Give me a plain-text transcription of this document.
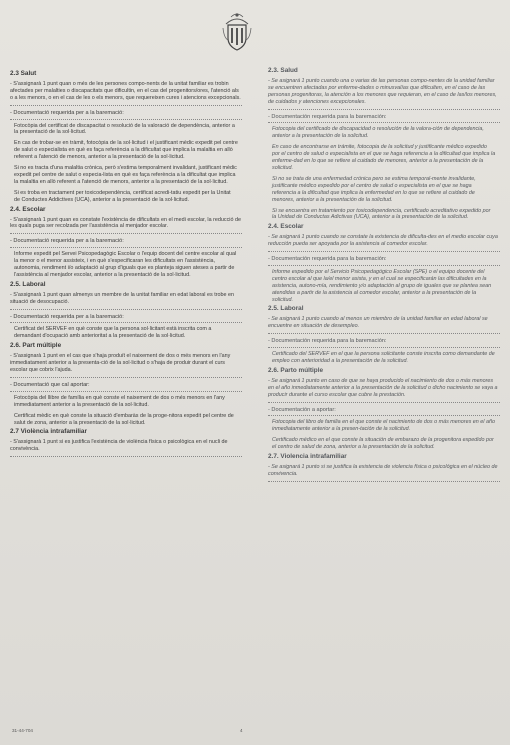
2.3 Salut

- S'assignarà 1 punt quan o més de les persones compo-nents de la unitat familiar es trobin afectades per malalties o discapacitats que dificultin, en el cas del progenitors/ores, l'atenció als o a les menors, o en el cas de les o els menors, que requereixen cures i atencions excepcionals.

- Documentació requerida per a la baremació:

Fotocòpia del certificat de discapacitat o resolució de la valoració de dependència, anterior a la presentació de la sol·licitud.

En cas de trobar-se en tràmit, fotocòpia de la sol·licitud i el justificant mèdic expedit pel centre de salut o especialista en què es faça referència a la dificultat que implica la malaltia en allò referent a l'atenció de menors, anterior a la presentació de la sol·licitud.

Si no es tracta d'una malaltia crònica, però s'estima temporalment invalidant, justificant mèdic expedit pel centre de salut o especia-lista en què es faça referència a la dificultat que implica la malaltia en allò referent a l'atenció de menors, anterior a la presentació de la sol·licitud.

Si es troba en tractament per toxicodependència, certificat acredi-tatiu expedit per la Unitat de Conductes Addictives (UCA), anterior a la presentació de la sol·licitud.

2.4. Escolar

- S'assignarà 1 punt quan es constate l'existència de dificultats en el medi escolar, la reducció de les quals puga ser recolzada per l'assistència al menjador escolar.

- Documentació requerida per a la baremació:

Informe expedit pel Servei Psicopedagògic Escolar o l'equip docent del centre escolar al qual la menor o el menor assisteix, i en què s'especificaran les dificultats en l'assistència, autonomia, rendiment i/o adaptació al grup d'iguals que es planteja siguen ateses a partir de l'assistència al menjador escolar, anterior a la presentació de la sol·licitud.

2.5. Laboral

- S'assignarà 1 punt quan almenys un membre de la unitat familiar en edat laboral es trobe en situació de desocupació.

- Documentació requerida per a la baremació:

Certificat del SERVEF en què conste que la persona sol·licitant està inscrita com a demandant d'ocupació amb anterioritat a la presentació de la sol·licitud.

2.6. Part múltiple

- S'assignarà 1 punt en el cas que s'haja produït el naixement de dos o més menors en l'any immediatament anterior a la presenta-ció de la sol·licitud o s'haja de produir durant el curs escolar que cobrix l'ajuda.

- Documentació que cal aportar:

Fotocòpia del llibre de família en què conste el naixement de dos o més menors en l'any immediatament anterior a la presentació de la sol·licitud.

Certificat mèdic en què conste la situació d'embaràs de la proge-nitora expedit pel centre de salut de zona, anterior a la presentació de la sol·licitud.

2.7 Violència intrafamiliar

- S'assignarà 1 punt si es justifica l'existència de violència física o psicològica en el nucli de convivència.

2.3. Salud

- Se asignará 1 punto cuando una o varias de las personas compo-nentes de la unidad familiar se encuentren afectadas por enferme-dades o minusvalías que dificulten, en el caso de las personas progenitoras, la atención a los menores que requieran, en el caso de las/los menores, de cuidados y atenciones excepcionales.

- Documentación requerida para la baremación:

Fotocopia del certificado de discapacidad o resolución de la valora-ción de dependencia, anterior a la presentación de la solicitud.

En caso de encontrarse en trámite, fotocopia de la solicitud y justificante médico expedido por el centro de salud o especialista en el que se haga referencia a la dificultad que implica la enferme-dad en lo que se refiere al cuidado de menores, anterior a la presentación de la solicitud.

Si no se trata de una enfermedad crónica pero se estima temporal-mente invalidante, justificante médico expedido por el centro de salud o especialista en el que se haga referencia a la dificultad que implica la enfermedad en lo que se refiere al cuidado de menores, anterior a la presentación de la solicitud.

Si se encuentra en tratamiento por toxicodependencia, certificado acreditativo expedido por la Unidad de Conductas Adictivas (UCA), anterior a la presentación de la solicitud.

2.4. Escolar

- Se asignará 1 punto cuando se constate la existencia de dificulta-des en el medio escolar cuya reducción pueda ser apoyada por la asistencia al comedor escolar.

- Documentación requerida para la baremación:

Informe expedido por el Servicio Psicopedagógico Escolar (SPE) o el equipo docente del centro escolar al que la/el menor asista, y en el cual se especificarán las dificultades en la asistencia, autono-mía, rendimiento y/o adaptación al grupo de iguales que se plantea sean atendidas a partir de la asistencia al comedor escolar, anterior a la presentación de la solicitud.

2.5. Laboral

- Se asignará 1 punto cuando al menos un miembro de la unidad familiar en edad laboral se encuentre en situación de desempleo.

- Documentación requerida para la baremación:

Certificado del SERVEF en el que la persona solicitante conste inscrita como demandante de empleo con anterioridad a la presentación de la solicitud.

2.6. Parto múltiple

- Se asignará 1 punto en caso de que se haya producido el nacimiento de dos o más menores en el año inmediatamente anterior a la presentación de la solicitud o dicho nacimiento se vaya a producir durante el curso escolar que cubre la prestación.

- Documentación a aportar:

Fotocopia del libro de familia en el que conste el nacimiento de dos o más menores en el año inmediatamente anterior a la presen-tación de la solicitud.

Certificado médico en el que conste la situación de embarazo de la progenitora expedido por el centro de salud de zona, anterior a la presentación de la solicitud.

2.7. Violencia intrafamiliar

- Se asignará 1 punto si se justifica la existencia de violencia física o psicológica en el núcleo de convivencia.

31-44-704	4
